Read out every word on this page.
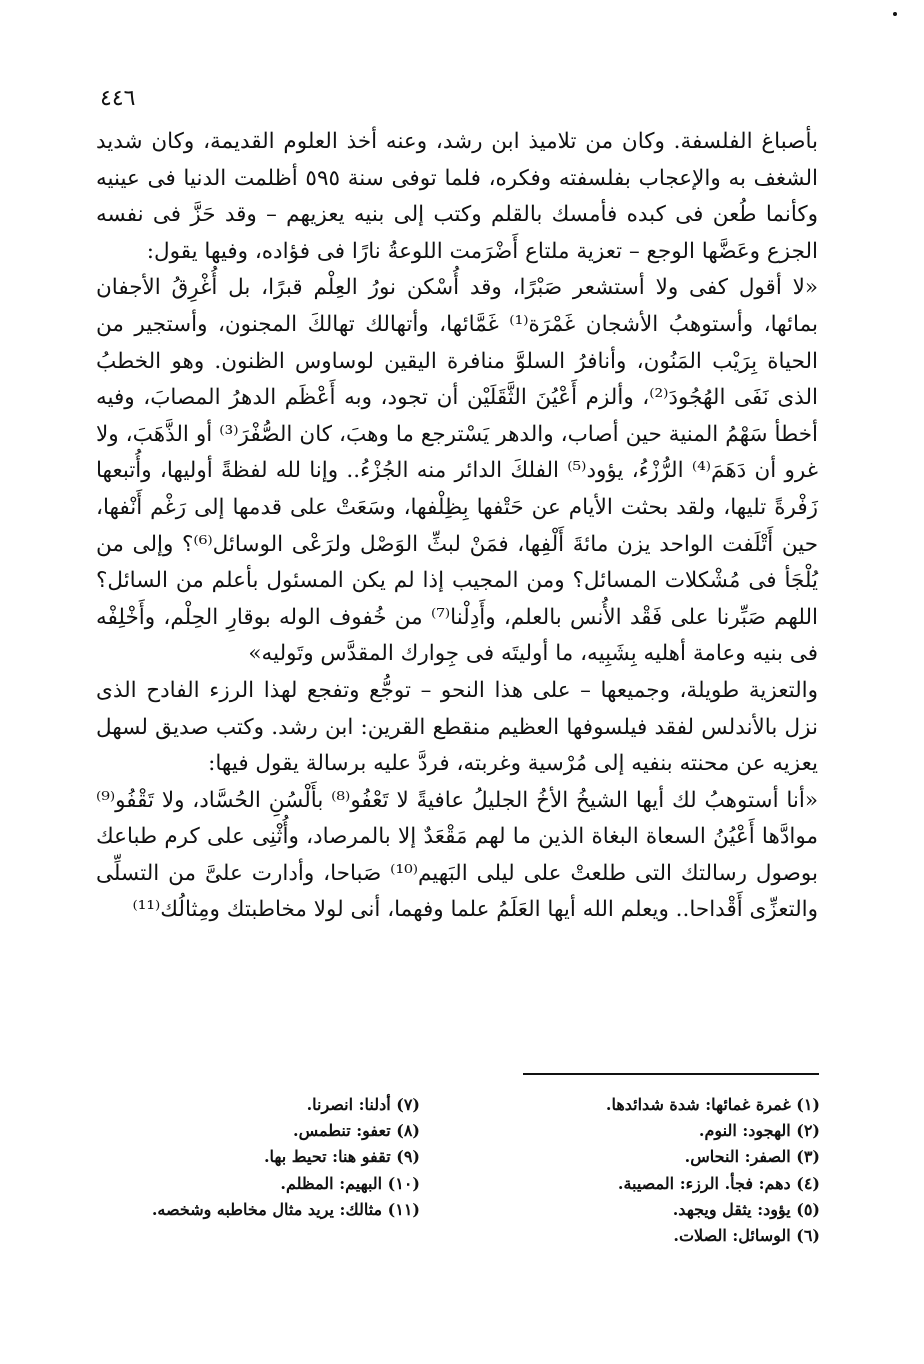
٤٤٦

بأصباغ الفلسفة. وكان من تلاميذ ابن رشد، وعنه أخذ العلوم القديمة، وكان شديد الشغف به والإعجاب بفلسفته وفكره، فلما توفى سنة ٥٩٥ أظلمت الدنيا فى عينيه وكأنما طُعن فى كبده فأمسك بالقلم وكتب إلى بنيه يعزيهم – وقد حَزَّ فى نفسه الجزع وعَضَّها الوجع – تعزية ملتاع أَضْرَمت اللوعةُ نارًا فى فؤاده، وفيها يقول:

«لا أقول كفى ولا أستشعر صَبْرًا، وقد أُسْكن نورُ العِلْم قبرًا، بل أُغْرِقُ الأجفان بمائها، وأستوهبُ الأشجان غَمْرَة⁽¹⁾ غَمَّائها، وأتهالك تهالكَ المجنون، وأستجير من الحياة بِرَيْب المَنُون، وأنافرُ السلوَّ منافرة اليقين لوساوس الظنون. وهو الخطبُ الذى نَفَى الهُجُودَ⁽²⁾، وألزم أَعْيُنَ الثَّقَلَيْن أن تجود، وبه أَعْظَم الدهرُ المصابَ، وفيه أخطأ سَهْمُ المنية حين أصاب، والدهر يَسْترجع ما وهبَ، كان الصُّفْرَ⁽³⁾ أو الذَّهَبَ، ولا غرو أن دَهَمَ⁽⁴⁾ الرُّزْءُ، يؤود⁽⁵⁾ الفلكَ الدائر منه الجُزْءُ.. وإنا لله لفظةً أوليها، وأُتبعها زَفْرةً تليها، ولقد بحثت الأيام عن حَتْفها بِظِلْفها، وسَعَتْ على قدمها إلى رَغْم أَنْفها، حين أَتْلَفت الواحد يزن مائةَ أَلْفِها، فمَنْ لبثِّ الوَصْل ولرَعْى الوسائل⁽⁶⁾؟ وإلى من يُلْجَأ فى مُشْكلات المسائل؟ ومن المجيب إذا لم يكن المسئول بأعلم من السائل؟ اللهم صَبِّرنا على فَقْد الأُنس بالعلم، وأَدِلْنا⁽⁷⁾ من خُفوف الوله بوقارِ الحِلْم، وأَخْلِفْه فى بنيه وعامة أهليه بِشَبِيه، ما أوليتَه فى جِوارك المقدَّس وتَوليه»

والتعزية طويلة، وجميعها – على هذا النحو – توجُّع وتفجع لهذا الرزء الفادح الذى نزل بالأندلس لفقد فيلسوفها العظيم منقطع القرين: ابن رشد. وكتب صديق لسهل يعزيه عن محنته بنفيه إلى مُرْسية وغربته، فردَّ عليه برسالة يقول فيها:

«أنا أستوهبُ لك أيها الشيخُ الأخُ الجليلُ عافيةً لا تَعْفُو⁽⁸⁾ بأَلْسُنِ الحُسَّاد، ولا تَقْفُو⁽⁹⁾ موادَّها أَعْيُنُ السعاة البغاة الذين ما لهم مَقْعَدٌ إلا بالمرصاد، وأُثْنِى على كرم طباعك بوصول رسالتك التى طلعتْ على ليلى البَهيم⁽¹⁰⁾ صَباحا، وأدارت علىَّ من التسلِّى والتعزِّى أَقْداحا.. ويعلم الله أيها العَلَمُ علما وفهما، أنى لولا مخاطبتك ومِثالُك⁽¹¹⁾

(١) غمرة غمائها: شدة شدائدها.
(٢) الهجود: النوم.
(٣) الصفر: النحاس.
(٤) دهم: فجأ. الرزء: المصيبة.
(٥) يؤود: يثقل ويجهد.
(٦) الوسائل: الصلات.
(٧) أدلنا: انصرنا.
(٨) تعفو: تنطمس.
(٩) تقفو هنا: تحيط بها.
(١٠) البهيم: المظلم.
(١١) مثالك: يريد مثال مخاطبه وشخصه.
